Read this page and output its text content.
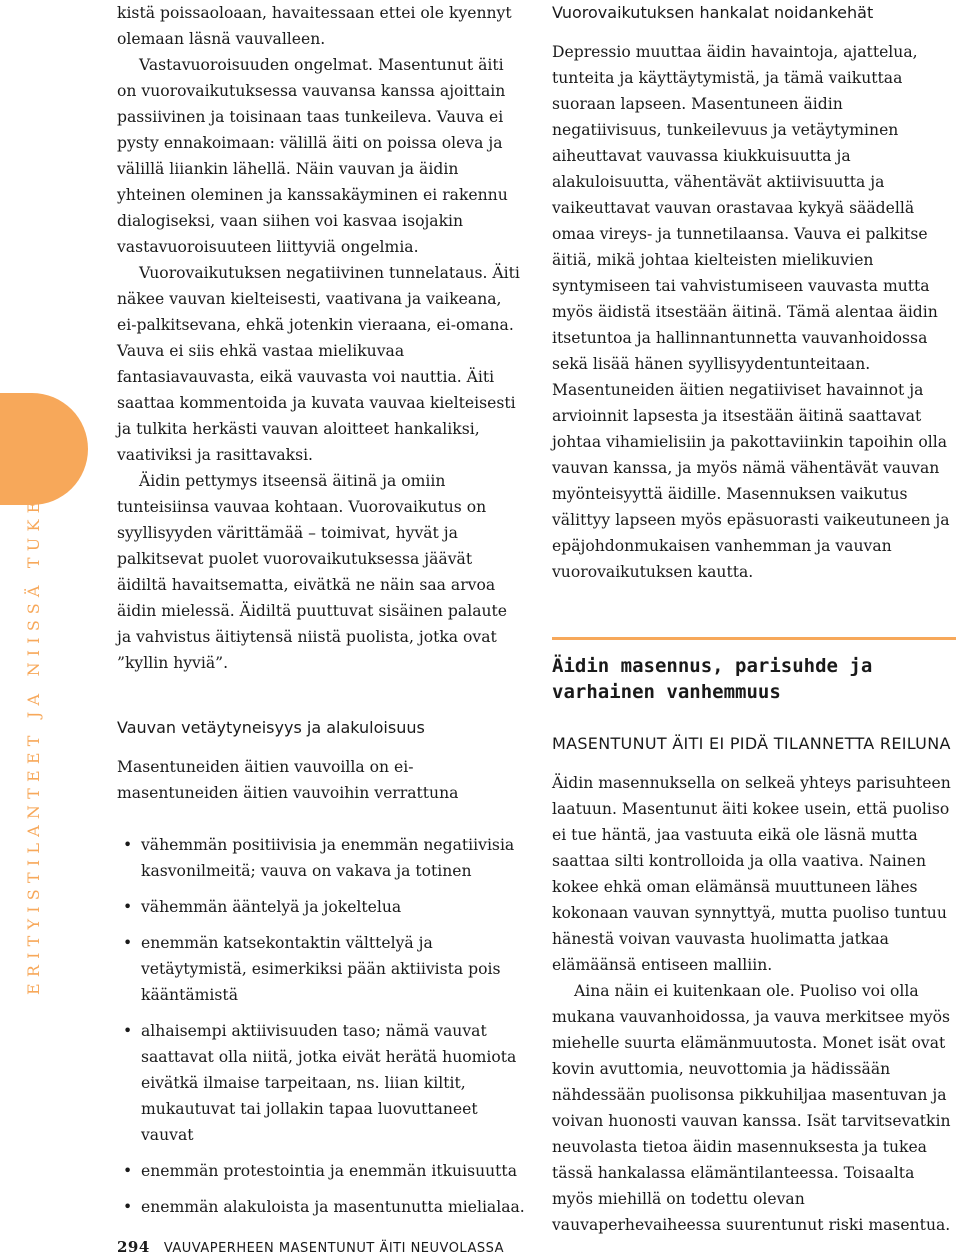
ERITYISTILANTEET JA NIISSÄ TUKEMINEN

kistä poissaoloaan, havaitessaan ettei ole kyennyt olemaan läsnä vauvalleen.

Vastavuoroisuuden ongelmat. Masentunut äiti on vuorovaikutuksessa vauvansa kanssa ajoittain passiivinen ja toisinaan taas tunkeileva. Vauva ei pysty ennakoimaan: välillä äiti on poissa oleva ja välillä liiankin lähellä. Näin vauvan ja äidin yhteinen oleminen ja kanssakäyminen ei rakennu dialogiseksi, vaan siihen voi kasvaa isojakin vastavuoroisuuteen liittyviä ongelmia.

Vuorovaikutuksen negatiivinen tunnelataus. Äiti näkee vauvan kielteisesti, vaativana ja vaikeana, ei-palkitsevana, ehkä jotenkin vieraana, ei-omana. Vauva ei siis ehkä vastaa mielikuvaa fantasiavauvasta, eikä vauvasta voi nauttia. Äiti saattaa kommentoida ja kuvata vauvaa kielteisesti ja tulkita herkästi vauvan aloitteet hankaliksi, vaativiksi ja rasittavaksi.

Äidin pettymys itseensä äitinä ja omiin tunteisiinsa vauvaa kohtaan. Vuorovaikutus on syyllisyyden värittämää – toimivat, hyvät ja palkitsevat puolet vuorovaikutuksessa jäävät äidiltä havaitsematta, eivätkä ne näin saa arvoa äidin mielessä. Äidiltä puuttuvat sisäinen palaute ja vahvistus äitiytensä niistä puolista, jotka ovat ”kyllin hyviä”.

Vauvan vetäytyneisyys ja alakuloisuus

Masentuneiden äitien vauvoilla on ei-masentuneiden äitien vauvoihin verrattuna

• vähemmän positiivisia ja enemmän negatiivisia kasvonilmeitä; vauva on vakava ja totinen
• vähemmän ääntelyä ja jokeltelua
• enemmän katsekontaktin välttelyä ja vetäytymistä, esimerkiksi pään aktiivista pois kääntämistä
• alhaisempi aktiivisuuden taso; nämä vauvat saattavat olla niitä, jotka eivät herätä huomiota eivätkä ilmaise tarpeitaan, ns. liian kiltit, mukautuvat tai jollakin tapaa luovuttaneet vauvat
• enemmän protestointia ja enemmän itkuisuutta
• enemmän alakuloista ja masentunutta mielialaa.

Vuorovaikutuksen hankalat noidankehät

Depressio muuttaa äidin havaintoja, ajattelua, tunteita ja käyttäytymistä, ja tämä vaikuttaa suoraan lapseen. Masentuneen äidin negatiivisuus, tunkeilevuus ja vetäytyminen aiheuttavat vauvassa kiukkuisuutta ja alakuloisuutta, vähentävät aktiivisuutta ja vaikeuttavat vauvan orastavaa kykyä säädellä omaa vireys- ja tunnetilaansa. Vauva ei palkitse äitiä, mikä johtaa kielteisten mielikuvien syntymiseen tai vahvistumiseen vauvasta mutta myös äidistä itsestään äitinä. Tämä alentaa äidin itsetuntoa ja hallinnantunnetta vauvanhoidossa sekä lisää hänen syyllisyydentunteitaan. Masentuneiden äitien negatiiviset havainnot ja arvioinnit lapsesta ja itsestään äitinä saattavat johtaa vihamielisiin ja pakottaviinkin tapoihin olla vauvan kanssa, ja myös nämä vähentävät vauvan myönteisyyttä äidille. Masennuksen vaikutus välittyy lapseen myös epäsuorasti vaikeutuneen ja epäjohdonmukaisen vanhemman ja vauvan vuorovaikutuksen kautta.

Äidin masennus, parisuhde ja varhainen vanhemmuus

MASENTUNUT ÄITI EI PIDÄ TILANNETTA REILUNA

Äidin masennuksella on selkeä yhteys parisuhteen laatuun. Masentunut äiti kokee usein, että puoliso ei tue häntä, jaa vastuuta eikä ole läsnä mutta saattaa silti kontrolloida ja olla vaativa. Nainen kokee ehkä oman elämänsä muuttuneen lähes kokonaan vauvan synnyttyä, mutta puoliso tuntuu hänestä voivan vauvasta huolimatta jatkaa elämäänsä entiseen malliin.

Aina näin ei kuitenkaan ole. Puoliso voi olla mukana vauvanhoidossa, ja vauva merkitsee myös miehelle suurta elämänmuutosta. Monet isät ovat kovin avuttomia, neuvottomia ja hädissään nähdessään puolisonsa pikkuhiljaa masentuvan ja voivan huonosti vauvan kanssa. Isät tarvitsevatkin neuvolasta tietoa äidin masennuksesta ja tukea tässä hankalassa elämäntilanteessa. Toisaalta myös miehillä on todettu olevan vauvaperhevaiheessa suurentunut riski masentua.

294 VAUVAPERHEEN MASENTUNUT ÄITI NEUVOLASSA
